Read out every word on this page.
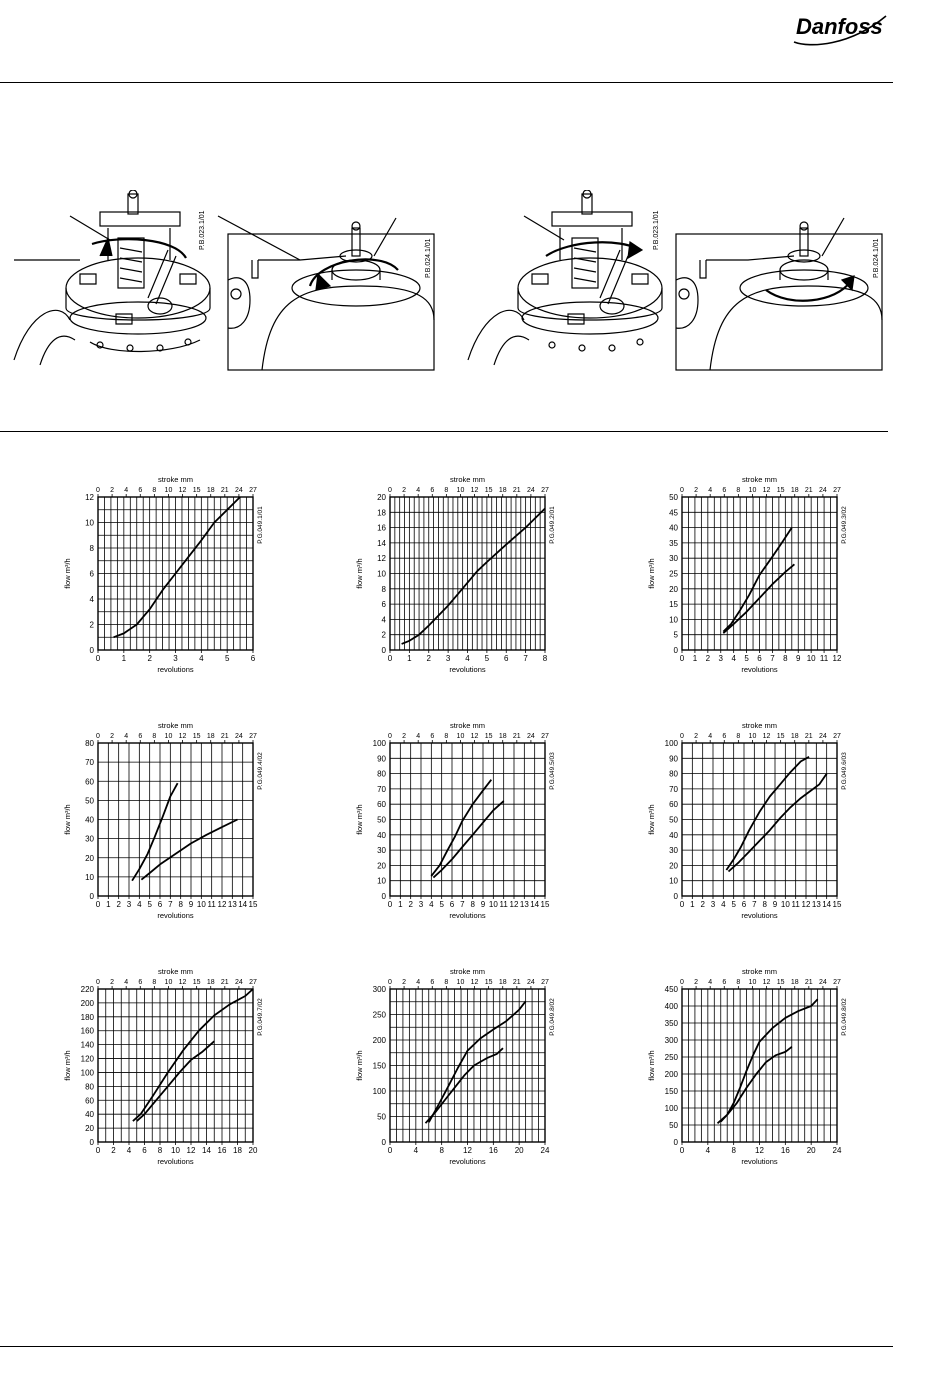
Danfoss
P.B.023.1/01
P.B.024.1/01
P.B.023.1/01
P.B.024.1/01
0	1	2	3	4	5	6
revolutions
0 2 4 6 8 10 12 15 18 21 24 27
stroke mm
0
2
4
6
8
10
12
flow m³/h
P.G.049.1/01
0 1 2 3 4 5 6 7 8
revolutions
0 2 4 6 8 10 12 15 18 21 24 27
stroke mm
0
2
4
6
8
10
12
14
16
18
20
flow m³/h
P.G.049.2/01
0 1 2 3 4 5 6 7 8 9 10 11 12
revolutions
0 2 4 6 8 10 12 15 18 21 24 27
stroke mm
0
5
10
15
20
25
30
35
40
45
50
flow m³/h
P.G.049.3/02
0 1 2 3 4 5 6 7 8 9 10 11 12 13 14 15
revolutions
0 2 4 6 8 10 12 15 18 21 24 27
stroke mm
0
10
20
30
40
50
60
70
80
flow m³/h
P.G.049.4/02
0 1 2 3 4 5 6 7 8 9 10 11 12 13 14 15
revolutions
0 2 4 6 8 10 12 15 18 21 24 27
stroke mm
0
10
20
30
40
50
60
70
80
90
100
flow m³/h
P.G.049.5/03
0 1 2 3 4 5 6 7 8 9 10 11 12 13 14 15
revolutions
0 2 4 6 8 10 12 15 18 21 24 27
stroke mm
0
10
20
30
40
50
60
70
80
90
100
flow m³/h
P.G.049.6/03
0 2 4 6 8 10 12 14 16 18 20
revolutions
0 2 4 6 8 10 12 15 18 21 24 27
stroke mm
0
20
40
60
80
100
120
140
160
180
200
220
flow m³/h
P.G.049.7/02
0	4	8 12 16 20 24
revolutions
0 2 4 6 8 10 12 15 18 21 24 27
stroke mm
0
50
100
150
200
250
300
flow m³/h
P.G.049.8/02
0	4	8 12 16 20 24
revolutions
0 2 4 6 8 10 12 15 18 21 24 27
stroke mm
0
50
100
150
200
250
300
350
400
450
flow m³/h
P.G.049.8/02
